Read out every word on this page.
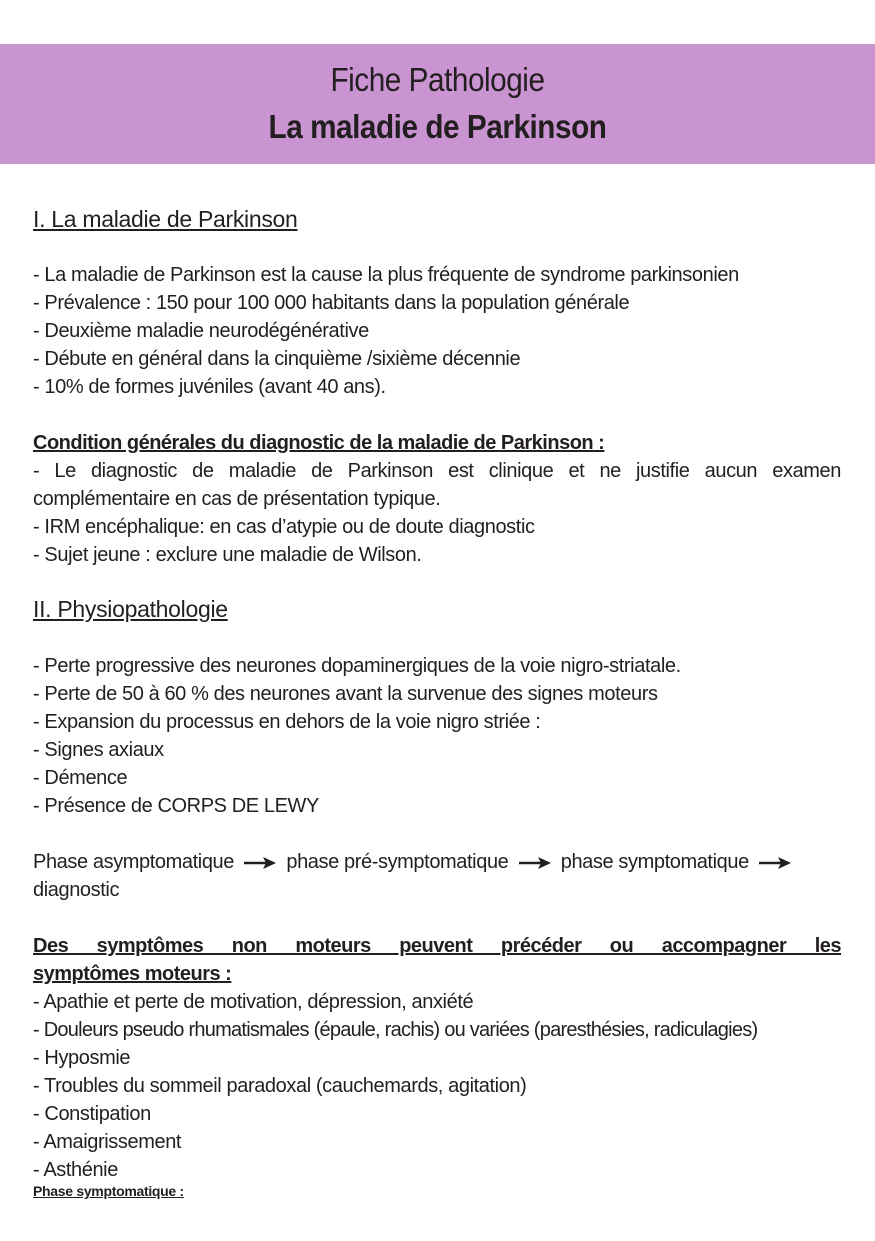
Fiche Pathologie
La maladie de Parkinson
I. La maladie de Parkinson
- La maladie de Parkinson est la cause la plus fréquente de syndrome parkinsonien
- Prévalence : 150 pour 100 000 habitants dans la population générale
- Deuxième maladie neurodégénérative
- Débute en général dans la cinquième /sixième décennie
- 10% de formes juvéniles (avant 40 ans).
Condition générales du diagnostic de la maladie de Parkinson :
- Le diagnostic de maladie de Parkinson est clinique et ne justifie aucun examen
complémentaire en cas de présentation typique.
- IRM encéphalique: en cas d’atypie ou de doute diagnostic
- Sujet jeune : exclure une maladie de Wilson.
II. Physiopathologie
- Perte progressive des neurones dopaminergiques de la voie nigro-striatale.
- Perte de 50 à 60 % des neurones avant la survenue des signes moteurs
- Expansion du processus en dehors de la voie nigro striée :
- Signes axiaux
- Démence
- Présence de CORPS DE LEWY
Phase asymptomatique	phase pré-symptomatique	phase symptomatique
diagnostic
Des symptômes non moteurs peuvent précéder ou accompagner les
symptômes moteurs :
- Apathie et perte de motivation, dépression, anxiété
- Douleurs pseudo rhumatismales (épaule, rachis) ou variées (paresthésies, radiculagies)
- Hyposmie
- Troubles du sommeil paradoxal (cauchemards, agitation)
- Constipation
- Amaigrissement
- Asthénie
Phase symptomatique :
